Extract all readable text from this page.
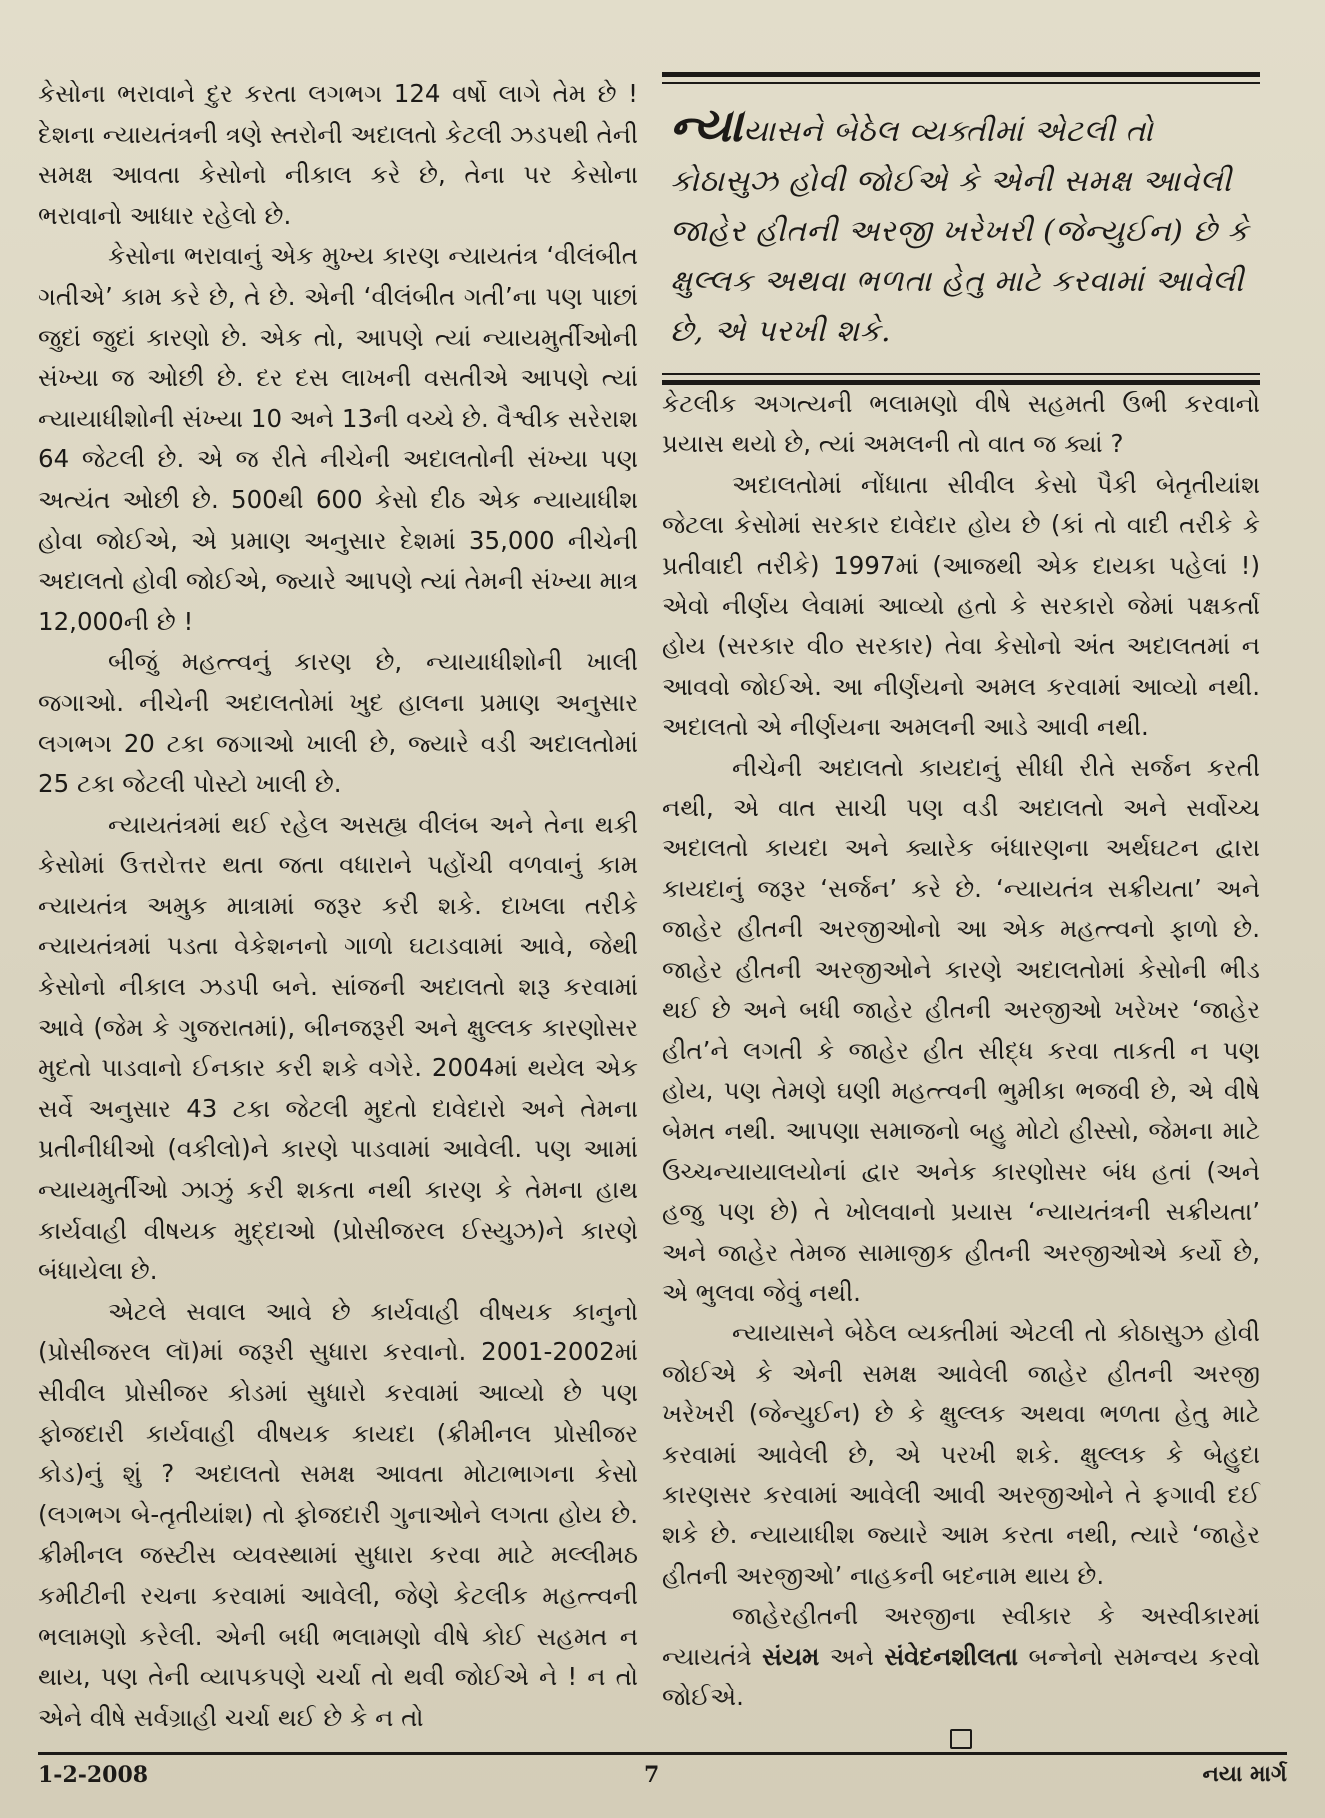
કેસોના ભરાવાને દુર કરતા લગભગ 124 વર્ષો લાગે તેમ છે ! દેશના ન્યાયતંત્રની ત્રણે સ્તરોની અદાલતો કેટલી ઝડપથી તેની સમક્ષ આવતા કેસોનો નીકાલ કરે છે, તેના પર કેસોના ભરાવાનો આધાર રહેલો છે.

કેસોના ભરાવાનું એક મુખ્ય કારણ ન્યાયતંત્ર ‘વીલંબીત ગતીએ’ કામ કરે છે, તે છે. એની ‘વીલંબીત ગતી’ના પણ પાછાં જુદાં જુદાં કારણો છે. એક તો, આપણે ત્યાં ન્યાયમુર્તીઓની સંખ્યા જ ઓછી છે. દર દસ લાખની વસતીએ આપણે ત્યાં ન્યાયાધીશોની સંખ્યા 10 અને 13ની વચ્ચે છે. વૈશ્વીક સરેરાશ 64 જેટલી છે. એ જ રીતે નીચેની અદાલતોની સંખ્યા પણ અત્યંત ઓછી છે. 500થી 600 કેસો દીઠ એક ન્યાયાધીશ હોવા જોઈએ, એ પ્રમાણ અનુસાર દેશમાં 35,000 નીચેની અદાલતો હોવી જોઈએ, જ્યારે આપણે ત્યાં તેમની સંખ્યા માત્ર 12,000ની છે !

બીજું મહત્ત્વનું કારણ છે, ન્યાયાધીશોની ખાલી જગાઓ. નીચેની અદાલતોમાં ખુદ હાલના પ્રમાણ અનુસાર લગભગ 20 ટકા જગાઓ ખાલી છે, જ્યારે વડી અદાલતોમાં 25 ટકા જેટલી પોસ્ટો ખાલી છે.

ન્યાયતંત્રમાં થઈ રહેલ અસહ્ય વીલંબ અને તેના થકી કેસોમાં ઉત્તરોત્તર થતા જતા વધારાને પહોંચી વળવાનું કામ ન્યાયતંત્ર અમુક માત્રામાં જરૂર કરી શકે. દાખલા તરીકે ન્યાયતંત્રમાં પડતા વેકેશનનો ગાળો ઘટાડવામાં આવે, જેથી કેસોનો નીકાલ ઝડપી બને. સાંજની અદાલતો શરૂ કરવામાં આવે (જેમ કે ગુજરાતમાં), બીનજરૂરી અને ક્ષુલ્લક કારણોસર મુદતો પાડવાનો ઈનકાર કરી શકે વગેરે. 2004માં થયેલ એક સર્વે અનુસાર 43 ટકા જેટલી મુદતો દાવેદારો અને તેમના પ્રતીનીધીઓ (વકીલો)ને કારણે પાડવામાં આવેલી. પણ આમાં ન્યાયમુર્તીઓ ઝાઝું કરી શકતા નથી કારણ કે તેમના હાથ કાર્યવાહી વીષયક મુદ્દાઓ (પ્રોસીજરલ ઈસ્યુઝ)ને કારણે બંધાયેલા છે.

એટલે સવાલ આવે છે કાર્યવાહી વીષયક કાનુનો (પ્રોસીજરલ લૉ)માં જરૂરી સુધારા કરવાનો. 2001-2002માં સીવીલ પ્રોસીજર કોડમાં સુધારો કરવામાં આવ્યો છે પણ ફોજદારી કાર્યવાહી વીષયક કાયદા (ક્રીમીનલ પ્રોસીજર કોડ)નું શું ? અદાલતો સમક્ષ આવતા મોટાભાગના કેસો (લગભગ બે-તૃતીયાંશ) તો ફોજદારી ગુનાઓને લગતા હોય છે. ક્રીમીનલ જસ્ટીસ વ્યવસ્થામાં સુધારા કરવા માટે મલ્લીમઠ કમીટીની રચના કરવામાં આવેલી, જેણે કેટલીક મહત્ત્વની ભલામણો કરેલી. એની બધી ભલામણો વીષે કોઈ સહમત ન થાય, પણ તેની વ્યાપકપણે ચર્ચા તો થવી જોઈએ ને ! ન તો એને વીષે સર્વગ્રાહી ચર્ચા થઈ છે કે ન તો

ન્યાયાસને બેઠેલ વ્યક્તીમાં એટલી તો કોઠાસુઝ હોવી જોઈએ કે એની સમક્ષ આવેલી જાહેર હીતની અરજી ખરેખરી (જેન્યુઈન) છે કે ક્ષુલ્લક અથવા ભળતા હેતુ માટે કરવામાં આવેલી છે, એ પરખી શકે.

કેટલીક અગત્યની ભલામણો વીષે સહમતી ઉભી કરવાનો પ્રયાસ થયો છે, ત્યાં અમલની તો વાત જ ક્યાં ?

અદાલતોમાં નોંધાતા સીવીલ કેસો પૈકી બેતૃતીયાંશ જેટલા કેસોમાં સરકાર દાવેદાર હોય છે (કાં તો વાદી તરીકે કે પ્રતીવાદી તરીકે) 1997માં (આજથી એક દાયકા પહેલાં !) એવો નીર્ણય લેવામાં આવ્યો હતો કે સરકારો જેમાં પક્ષકર્તા હોય (સરકાર વી૦ સરકાર) તેવા કેસોનો અંત અદાલતમાં ન આવવો જોઈએ. આ નીર્ણયનો અમલ કરવામાં આવ્યો નથી. અદાલતો એ નીર્ણયના અમલની આડે આવી નથી.

નીચેની અદાલતો કાયદાનું સીધી રીતે સર્જન કરતી નથી, એ વાત સાચી પણ વડી અદાલતો અને સર્વોચ્ચ અદાલતો કાયદા અને ક્યારેક બંધારણના અર્થઘટન દ્વારા કાયદાનું જરૂર ‘સર્જન’ કરે છે. ‘ન્યાયતંત્ર સક્રીયતા’ અને જાહેર હીતની અરજીઓનો આ એક મહત્ત્વનો ફાળો છે. જાહેર હીતની અરજીઓને કારણે અદાલતોમાં કેસોની ભીડ થઈ છે અને બધી જાહેર હીતની અરજીઓ ખરેખર ‘જાહેર હીત’ને લગતી કે જાહેર હીત સીદ્ધ કરવા તાકતી ન પણ હોય, પણ તેમણે ઘણી મહત્ત્વની ભુમીકા ભજવી છે, એ વીષે બેમત નથી. આપણા સમાજનો બહુ મોટો હીસ્સો, જેમના માટે ઉચ્ચન્યાયાલયોનાં દ્વાર અનેક કારણોસર બંધ હતાં (અને હજુ પણ છે) તે ખોલવાનો પ્રયાસ ‘ન્યાયતંત્રની સક્રીયતા’ અને જાહેર તેમજ સામાજીક હીતની અરજીઓએ કર્યો છે, એ ભુલવા જેવું નથી.

ન્યાયાસને બેઠેલ વ્યક્તીમાં એટલી તો કોઠાસુઝ હોવી જોઈએ કે એની સમક્ષ આવેલી જાહેર હીતની અરજી ખરેખરી (જેન્યુઈન) છે કે ક્ષુલ્લક અથવા ભળતા હેતુ માટે કરવામાં આવેલી છે, એ પરખી શકે. ક્ષુલ્લક કે બેહુદા કારણસર કરવામાં આવેલી આવી અરજીઓને તે ફગાવી દઈ શકે છે. ન્યાયાધીશ જ્યારે આમ કરતા નથી, ત્યારે ‘જાહેર હીતની અરજીઓ’ નાહકની બદનામ થાય છે.

જાહેરહીતની અરજીના સ્વીકાર કે અસ્વીકારમાં ન્યાયતંત્રે સંયમ અને સંવેદનશીલતા બન્નેનો સમન્વય કરવો જોઈએ.

1-2-2008	7	નયા માર્ગ
